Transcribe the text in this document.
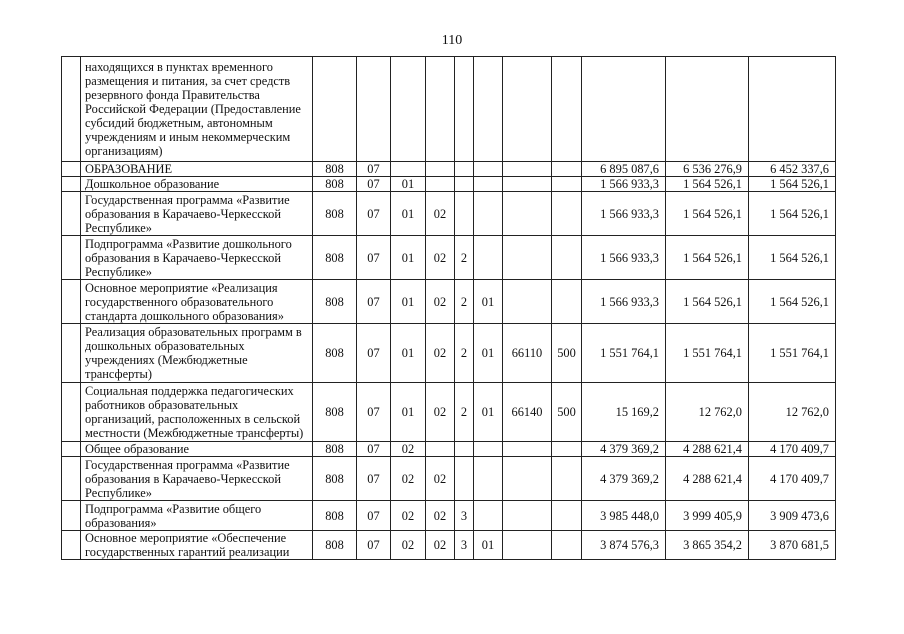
110
	находящихся в пунктах временного размещения и питания, за счет средств резервного фонда Правительства Российской Федерации (Предоставление субсидий бюджетным, автономным учреждениям и иным некоммерческим организациям)											
	ОБРАЗОВАНИЕ	808	07							6 895 087,6	6 536 276,9	6 452 337,6
	Дошкольное образование	808	07	01						1 566 933,3	1 564 526,1	1 564 526,1
	Государственная программа «Развитие образования в Карачаево-Черкесской Республике»	808	07	01	02					1 566 933,3	1 564 526,1	1 564 526,1
	Подпрограмма «Развитие дошкольного образования в Карачаево-Черкесской Республике»	808	07	01	02	2				1 566 933,3	1 564 526,1	1 564 526,1
	Основное мероприятие «Реализация государственного образовательного стандарта дошкольного образования»	808	07	01	02	2	01			1 566 933,3	1 564 526,1	1 564 526,1
	Реализация образовательных программ в дошкольных образовательных учреждениях (Межбюджетные трансферты)	808	07	01	02	2	01	66110	500	1 551 764,1	1 551 764,1	1 551 764,1
	Социальная поддержка педагогических работников образовательных организаций, расположенных в сельской местности (Межбюджетные трансферты)	808	07	01	02	2	01	66140	500	15 169,2	12 762,0	12 762,0
	Общее образование	808	07	02						4 379 369,2	4 288 621,4	4 170 409,7
	Государственная программа «Развитие образования в Карачаево-Черкесской Республике»	808	07	02	02					4 379 369,2	4 288 621,4	4 170 409,7
	Подпрограмма «Развитие общего образования»	808	07	02	02	3				3 985 448,0	3 999 405,9	3 909 473,6
	Основное мероприятие «Обеспечение государственных гарантий реализации	808	07	02	02	3	01			3 874 576,3	3 865 354,2	3 870 681,5
